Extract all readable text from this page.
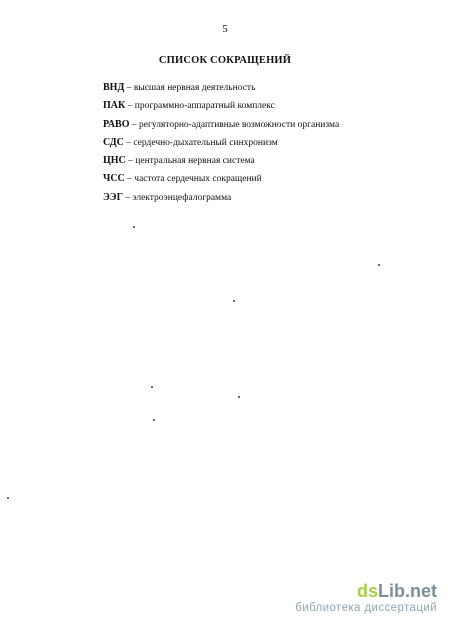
5
СПИСОК СОКРАЩЕНИЙ
ВНД – высшая нервная деятельность
ПАК – программно-аппаратный комплекс
РАВО – регуляторно-адаптивные возможности организма
СДС – сердечно-дыхательный синхронизм
ЦНС – центральная нервная система
ЧСС – частота сердечных сокращений
ЭЭГ – электроэнцефалограмма
dsLib.net
библиотека диссертаций
